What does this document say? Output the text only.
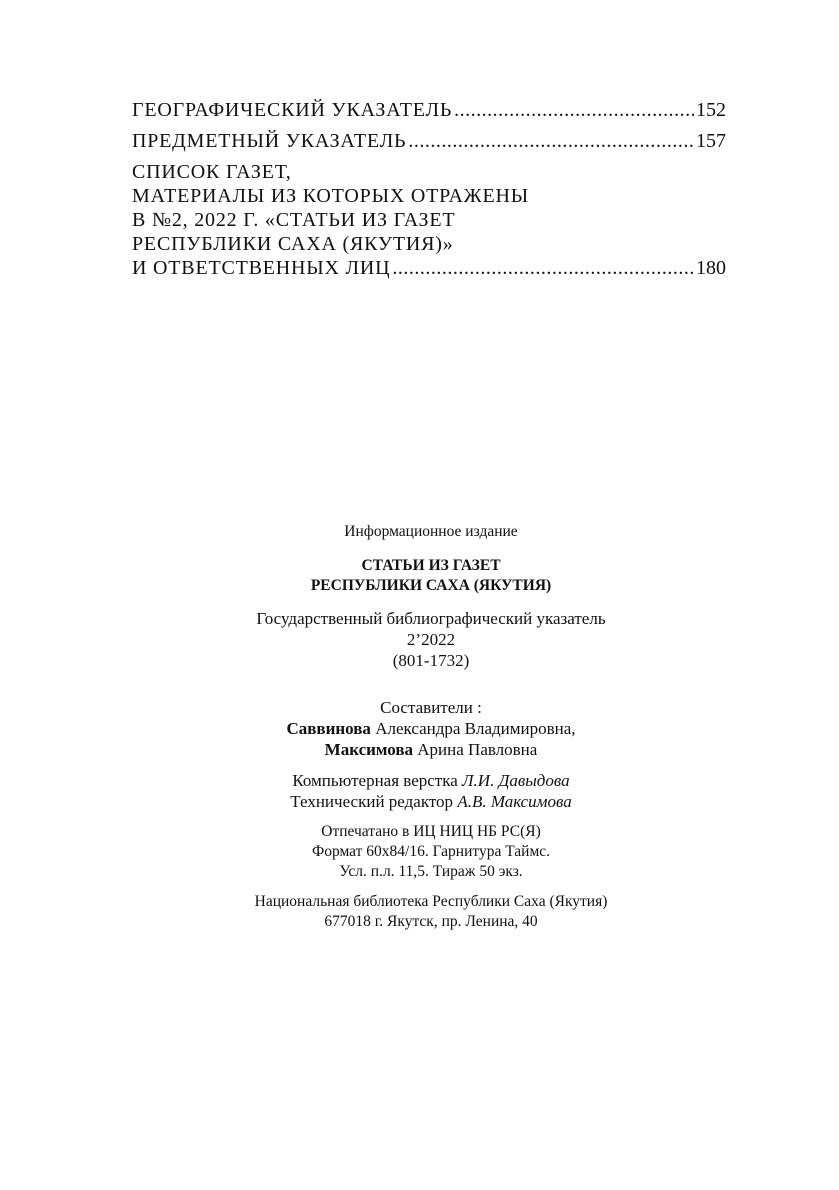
ГЕОГРАФИЧЕСКИЙ УКАЗАТЕЛЬ .....	152
ПРЕДМЕТНЫЙ УКАЗАТЕЛЬ .....	157
СПИСОК ГАЗЕТ,
МАТЕРИАЛЫ ИЗ КОТОРЫХ ОТРАЖЕНЫ
В №2, 2022 Г. «СТАТЬИ ИЗ ГАЗЕТ
РЕСПУБЛИКИ САХА (ЯКУТИЯ)»
И ОТВЕТСТВЕННЫХ ЛИЦ .....	180

Информационное издание

СТАТЬИ ИЗ ГАЗЕТ

РЕСПУБЛИКИ САХА (ЯКУТИЯ)

Государственный библиографический указатель

2’2022

(801-1732)

Составители :

Саввинова Александра Владимировна,

Максимова Арина Павловна

Компьютерная верстка Л.И. Давыдова

Технический редактор А.В. Максимова

Отпечатано в ИЦ НИЦ НБ РС(Я)

Формат 60х84/16. Гарнитура Таймс.

Усл. п.л. 11,5. Тираж 50 экз.

Национальная библиотека Республики Саха (Якутия)

677018 г. Якутск, пр. Ленина, 40
